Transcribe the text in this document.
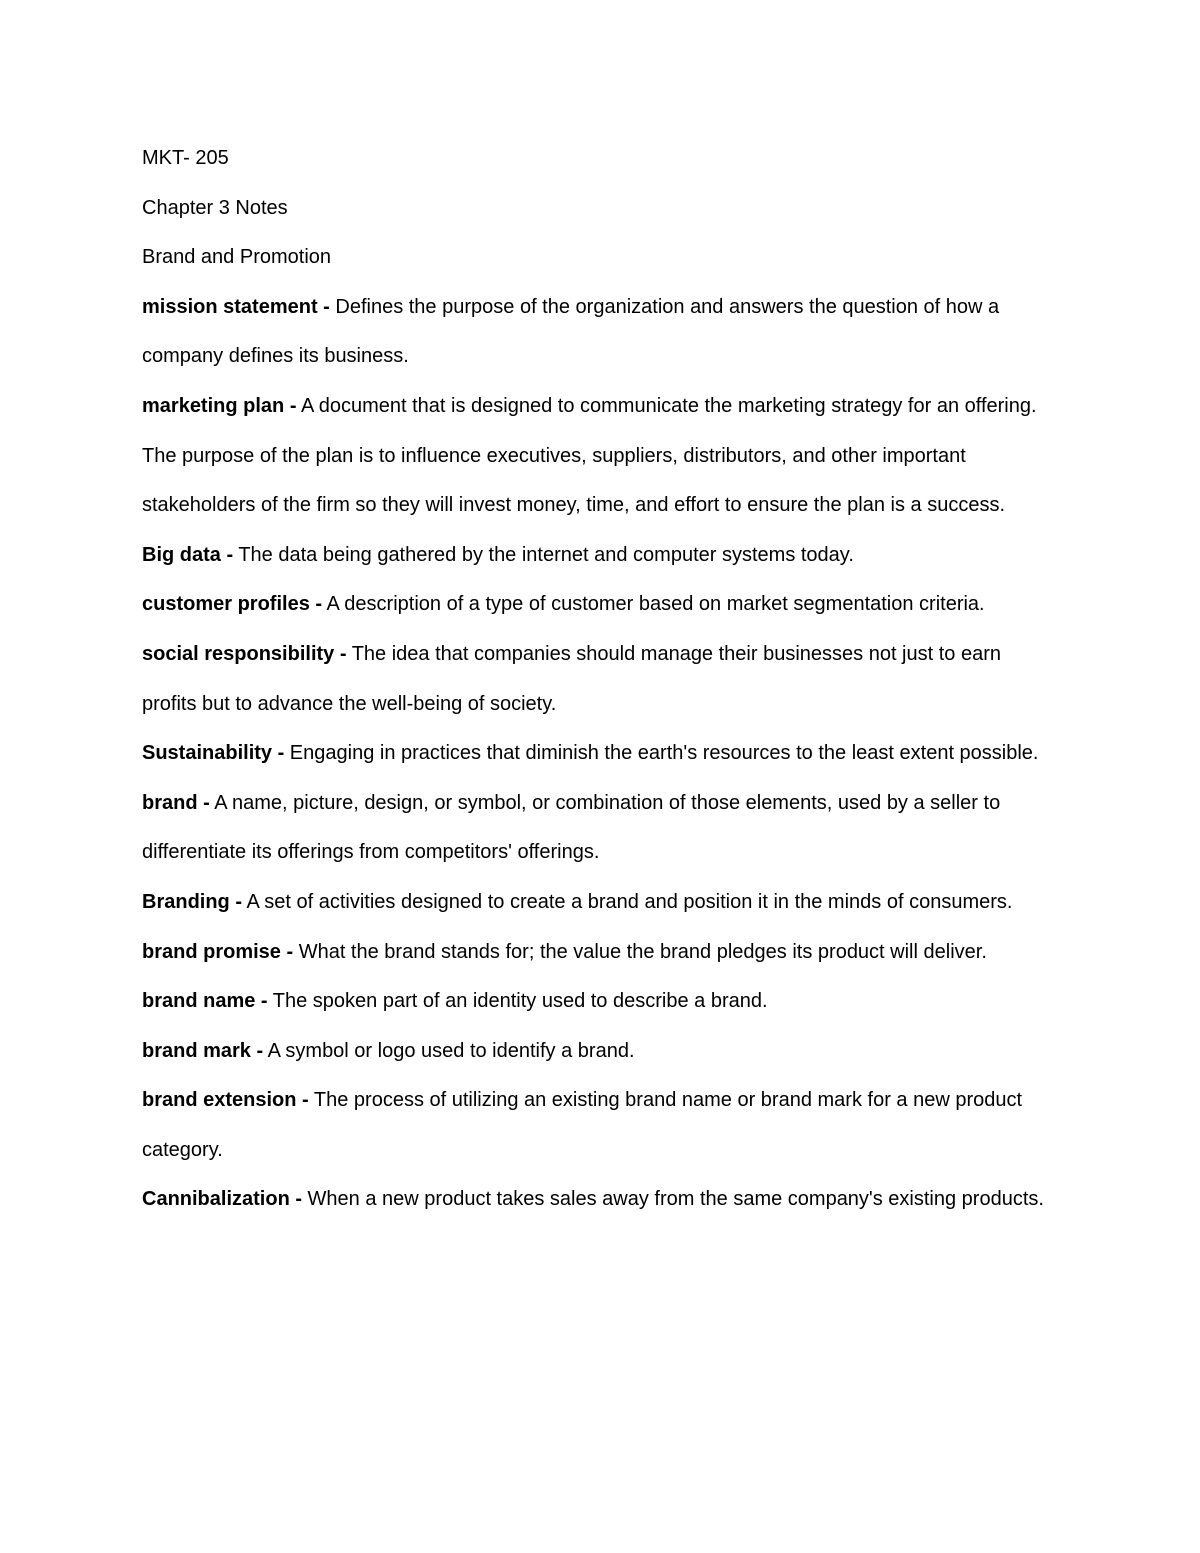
MKT- 205

Chapter 3 Notes

Brand and Promotion

mission statement - Defines the purpose of the organization and answers the question of how a company defines its business.

marketing plan - A document that is designed to communicate the marketing strategy for an offering. The purpose of the plan is to influence executives, suppliers, distributors, and other important stakeholders of the firm so they will invest money, time, and effort to ensure the plan is a success.

Big data - The data being gathered by the internet and computer systems today.

customer profiles - A description of a type of customer based on market segmentation criteria.

social responsibility - The idea that companies should manage their businesses not just to earn profits but to advance the well-being of society.

Sustainability - Engaging in practices that diminish the earth's resources to the least extent possible.

brand - A name, picture, design, or symbol, or combination of those elements, used by a seller to differentiate its offerings from competitors' offerings.

Branding - A set of activities designed to create a brand and position it in the minds of consumers.

brand promise - What the brand stands for; the value the brand pledges its product will deliver.

brand name - The spoken part of an identity used to describe a brand.

brand mark - A symbol or logo used to identify a brand.

brand extension - The process of utilizing an existing brand name or brand mark for a new product category.

Cannibalization - When a new product takes sales away from the same company's existing products.
